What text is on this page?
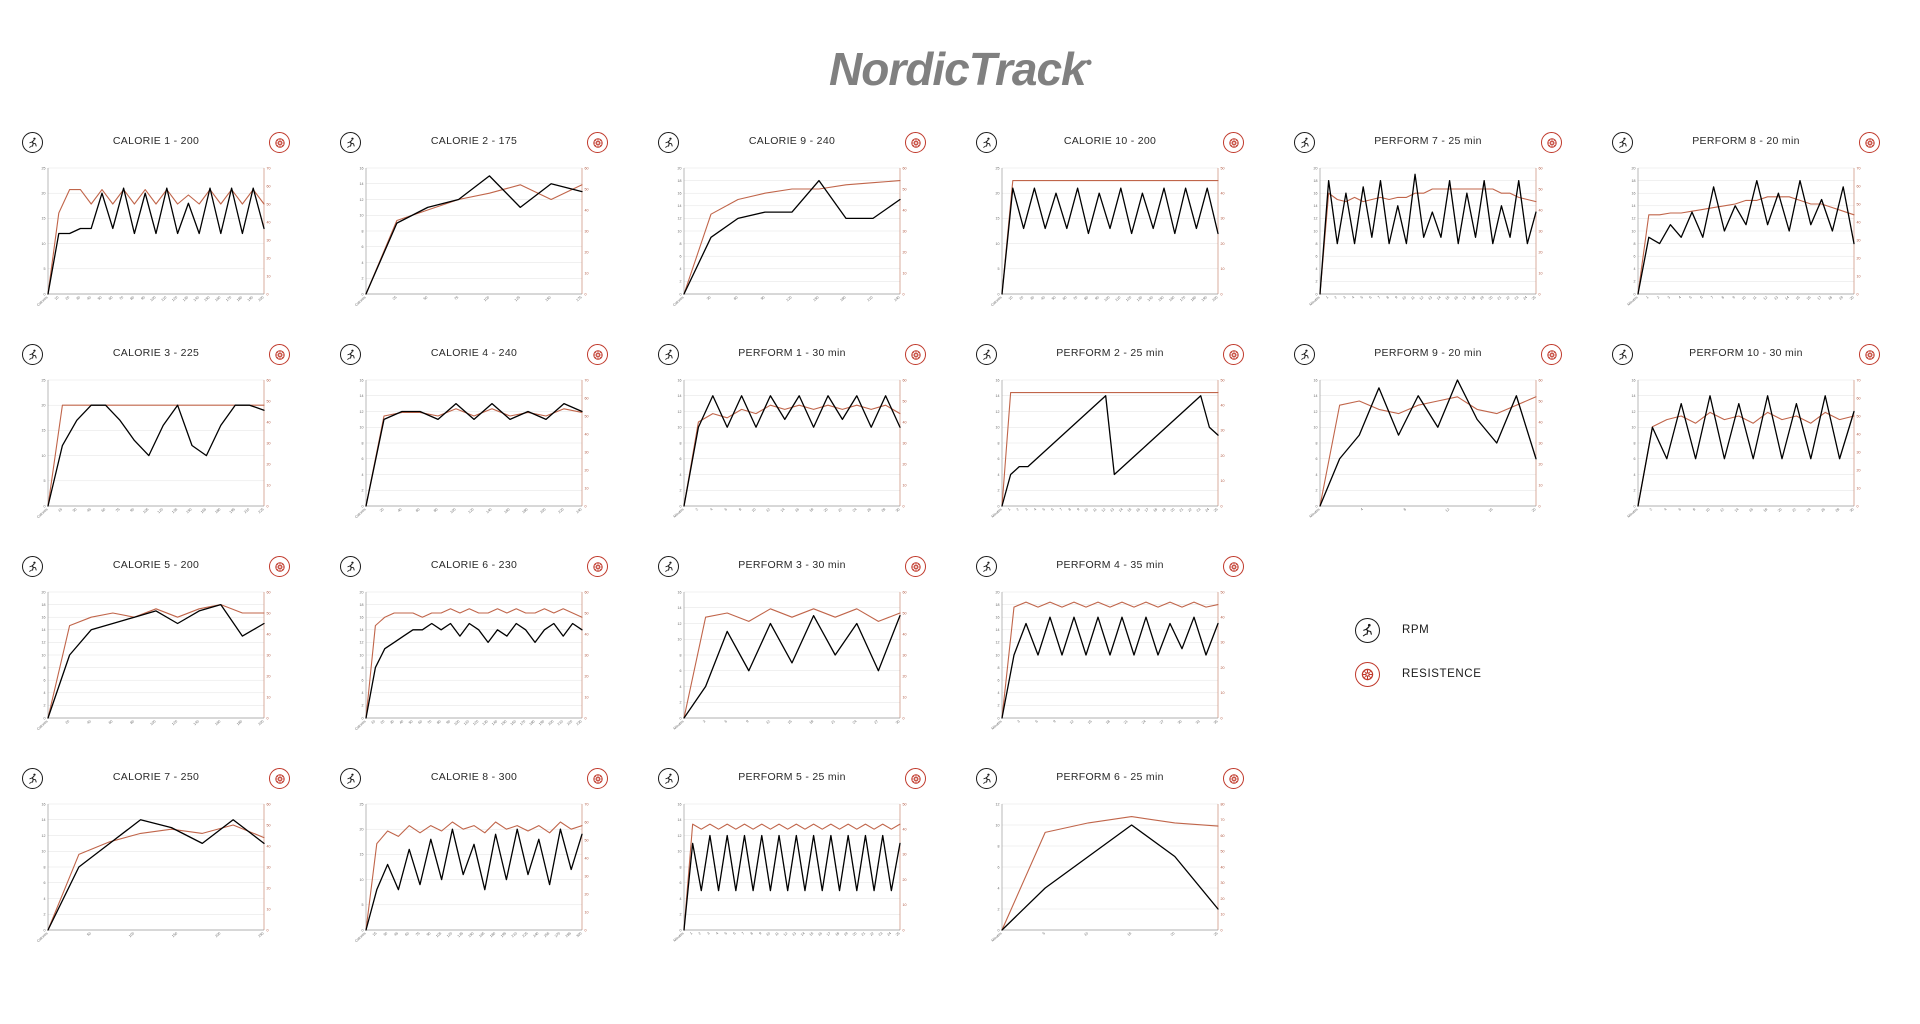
NordicTrack•
CALORIE 1 - 200
0
5
10
15
20
25
0
10
20
30
40
50
60
70
Calories 10 20 30 40 50 60 70 80 90 100 110 120 130 140 150 160 170 180 190 200
CALORIE 2 - 175
0
2
4
6
8
10
12
14
16
0
10
20
30
40
50
60
Calories	25	50	75	100	125	150	175
CALORIE 9 - 240
0
2
4
6
8
10
12
14
16
18
20
0
10
20
30
40
50
60
Calories	30	60	90	120	150	180	210	240
CALORIE 10 - 200
0
5
10
15
20
25
0
10
20
30
40
50
Calories 10 20 30 40 50 60 70 80 90 100 110 120 130 140 150 160 170 180 190 200
PERFORM 7 - 25 min
0
2
4
6
8
10
12
14
16
18
20
0
10
20
30
40
50
60
Minutes 1 2 3 4 5 6 7 8 9 10 11 12 13 14 15 16 17 18 19 20 21 22 23 24 25
PERFORM 8 - 20 min
0
2
4
6
8
10
12
14
16
18
20
0
10
20
30
40
50
60
70
Minutes 1 2 3 4 5 6 7 8 9 10 11 12 13 14 15 16 17 18 19 20
CALORIE 3 - 225
0
5
10
15
20
25
0
10
20
30
40
50
60
Calories 15 30 45 60 75 90 105 120 135 150 165 180 195 210 225
CALORIE 4 - 240
0
2
4
6
8
10
12
14
16
0
10
20
30
40
50
60
70
Calories	20	40	60	80	100	120	140	160	180	200	220	240
PERFORM 1 - 30 min
0
2
4
6
8
10
12
14
16
0
10
20
30
40
50
60
Minutes	2	4	6	8 10 12 14 16 18 20 22 24 26 28 30
PERFORM 2 - 25 min
0
2
4
6
8
10
12
14
16
0
10
20
30
40
50
Minutes 1 2 3 4 5 6 7 8 9 10 11 12 13 14 15 16 17 18 19 20 21 22 23 24 25
PERFORM 9 - 20 min
0
2
4
6
8
10
12
14
16
0
10
20
30
40
50
60
Minutes	4	8	12	16	20
PERFORM 10 - 30 min
0
2
4
6
8
10
12
14
16
0
10
20
30
40
50
60
70
Minutes	2	4	6	8 10 12 14 16 18 20 22 24 26 28 30
CALORIE 5 - 200
0
2
4
6
8
10
12
14
16
18
20
0
10
20
30
40
50
60
Calories	20	40	60	80	100	120	140	160	180	200
CALORIE 6 - 230
0
2
4
6
8
10
12
14
16
18
20
0
10
20
30
40
50
60
Calories 10 20 30 40 50 60 70 80 90 100 110 120 130 140 150 160 170 180 190 200 210 220 230
PERFORM 3 - 30 min
0
2
4
6
8
10
12
14
16
0
10
20
30
40
50
60
Minutes	3	6	9	12	15	18	21	24	27	30
PERFORM 4 - 35 min
0
2
4
6
8
10
12
14
16
18
20
0
10
20
30
40
50
Minutes	3	6	9	12	15	18	21	24	27	30	33	35
CALORIE 7 - 250
0
2
4
6
8
10
12
14
16
0
10
20
30
40
50
60
Calories	50	100	150	200	250
CALORIE 8 - 300
0
5
10
15
20
25
0
10
20
30
40
50
60
70
Calories 15 30 45 60 75 90 105 120 135 150 165 180 195 210 225 240 255 270 285 300
PERFORM 5 - 25 min
0
2
4
6
8
10
12
14
16
0
10
20
30
40
50
Minutes 1 2 3 4 5 6 7 8 9 10 11 12 13 14 15 16 17 18 19 20 21 22 23 24 25
PERFORM 6 - 25 min
0
2
4
6
8
10
12
0
10
20
30
40
50
60
70
80
Minutes	5	10	15	20	25
RPM
RESISTENCE
